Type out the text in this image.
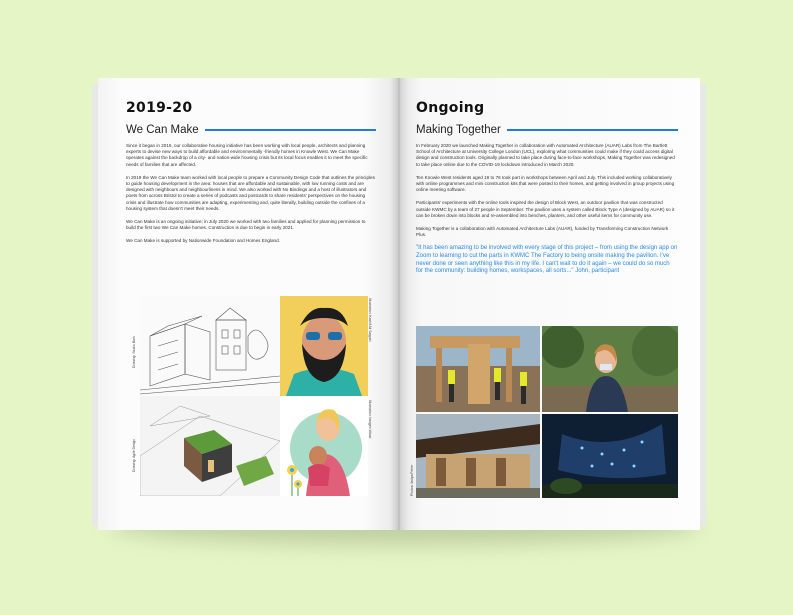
2019-20
We Can Make

Since it began in 2016, our collaborative housing initiative has been working with local people, architects and planning experts to devise new ways to build affordable and environmentally -friendly homes in Knowle West. We Can Make operates against the backdrop of a city- and nation-wide housing crisis but its local focus enables it to meet the specific needs of families that are affected.

In 2019 the We Can Make team worked with local people to prepare a Community Design Code that outlines the principles to guide housing development in the area: houses that are affordable and sustainable, with low running costs and are designed with neighbours and neighbourliness in mind. We also worked with No Bindings and a host of illustrators and poets from across Bristol to create a series of podcasts and postcards to share residents' perspectives on the housing crisis and illustrate how communities are adapting, experimenting and, quite literally, building outside the confines of a housing system that doesn't meet their needs.

We Can Make is an ongoing initiative; in July 2020 we worked with two families and applied for planning permission to build the first two We Can Make homes. Construction is due to begin in early 2021.

We Can Make is supported by Nationwide Foundation and Homes England.

Drawing: Studio Bark
Illustration: Kashif Ali Sayyah
Drawing: Agile Design
Illustration: Imogen Wood
Ongoing
Making Together

In February 2020 we launched Making Together in collaboration with Automated Architecture (AUAR) Labs from The Bartlett School of Architecture at University College London (UCL), exploring what communities could make if they could access digital design and construction tools. Originally planned to take place during face-to-face workshops, Making Together was redesigned to take place online due to the COVID-19 lockdown introduced in March 2020.

Ten Knowle West residents aged 19 to 76 took part in workshops between April and July. This included working collaboratively with online programmes and mini construction kits that were posted to their homes, and getting involved in group projects using online meeting software.

Participants' experiments with the online tools inspired the design of Block West, an outdoor pavilion that was constructed outside KWMC by a team of 27 people in September. The pavilion uses a system called Block Type A (designed by AUAR) so it can be broken down into blocks and re-assembled into benches, planters, and other useful items for community use.

Making Together is a collaboration with Automated Architecture Labs (AUAR), funded by Transforming Construction Network Plus.

"It has been amazing to be involved with every stage of this project – from using the design app on Zoom to learning to cut the parts in KWMC The Factory to being onsite making the pavilion. I've never done or seen anything like this in my life. I can't wait to do it again – we could do so much for the community: building homes, workspaces, all sorts..." John, participant

Photos: Ibolya Feher
